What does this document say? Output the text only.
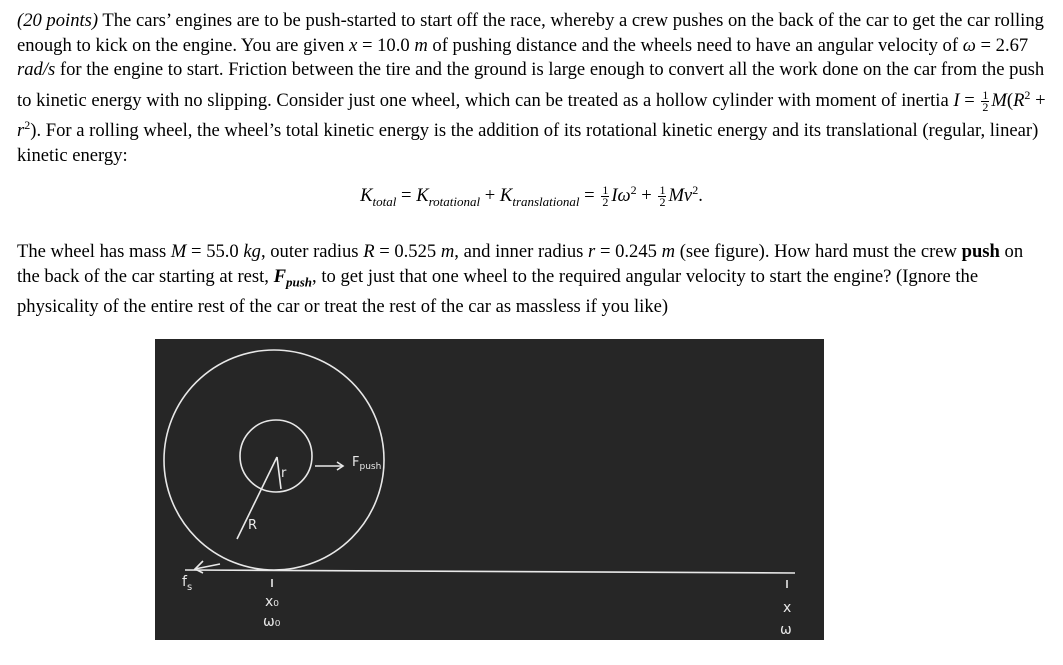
(20 points) The cars’ engines are to be push-started to start off the race, whereby a crew pushes on the back of the car to get the car rolling enough to kick on the engine. You are given x = 10.0 m of pushing distance and the wheels need to have an angular velocity of ω = 2.67 rad/s for the engine to start. Friction between the tire and the ground is large enough to convert all the work done on the car from the push to kinetic energy with no slipping. Consider just one wheel, which can be treated as a hollow cylinder with moment of inertia $I = \frac{1}{2} M(R^2 + r^2)$. For a rolling wheel, the wheel’s total kinetic energy is the addition of its rotational kinetic energy and its translational (regular, linear) kinetic energy:

$K_{total} = K_{rotational} + K_{translational} = \frac{1}{2} I\omega^2 + \frac{1}{2} Mv^2$.

The wheel has mass M = 55.0 kg, outer radius R = 0.525 m, and inner radius r = 0.245 m (see figure). How hard must the crew push on the back of the car starting at rest, $F_{push}$, to get just that one wheel to the required angular velocity to start the engine? (Ignore the physicality of the entire rest of the car or treat the rest of the car as massless if you like)

$F_{push}$
r
R
$f_s$
x₀
ω₀
x
ω
